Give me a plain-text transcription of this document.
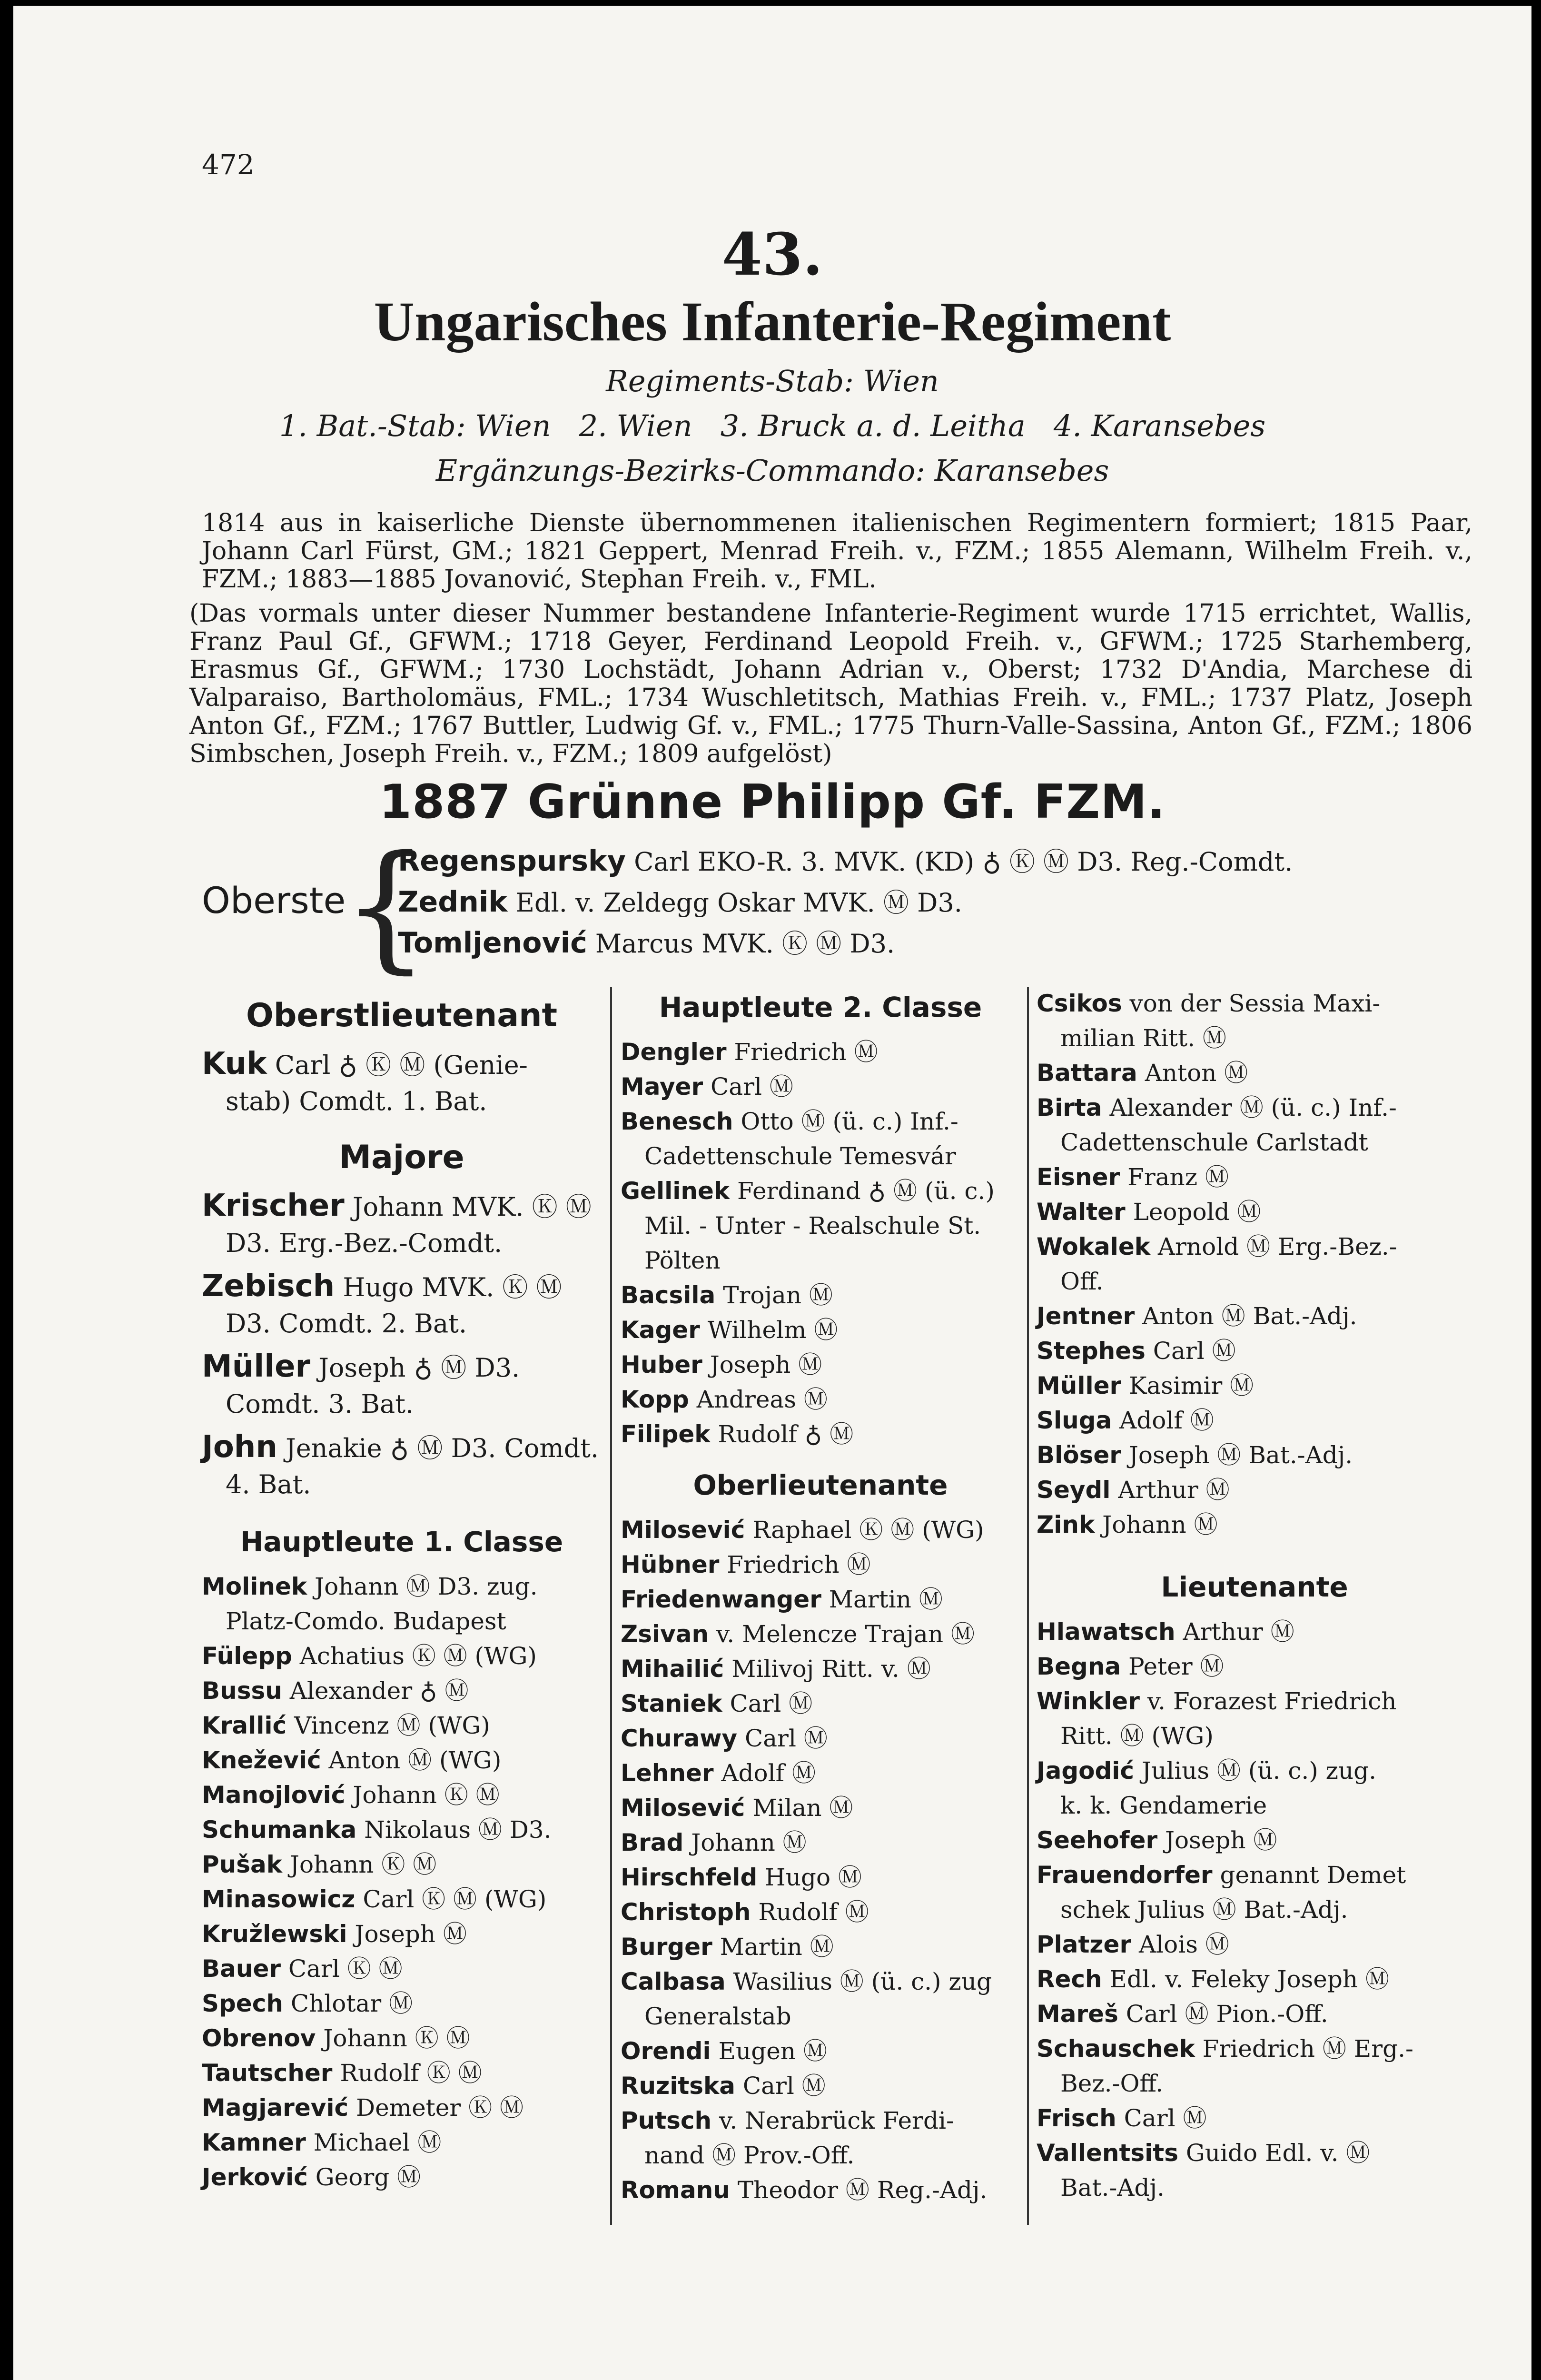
472
43.
Ungarisches Infanterie-Regiment
Regiments-Stab: Wien
1. Bat.-Stab: Wien   2. Wien   3. Bruck a. d. Leitha   4. Karansebes
Ergänzungs-Bezirks-Commando: Karansebes

1814 aus in kaiserliche Dienste übernommenen italienischen Regimentern formiert; 1815 Paar, Johann Carl Fürst, GM.; 1821 Geppert, Menrad Freih. v., FZM.; 1855 Alemann, Wilhelm Freih. v., FZM.; 1883—1885 Jovanović, Stephan Freih. v., FML.

(Das vormals unter dieser Nummer bestandene Infanterie-Regiment wurde 1715 errichtet, Wallis, Franz Paul Gf., GFWM.; 1718 Geyer, Ferdinand Leopold Freih. v., GFWM.; 1725 Starhemberg, Erasmus Gf., GFWM.; 1730 Lochstädt, Johann Adrian v., Oberst; 1732 D'Andia, Marchese di Valparaiso, Bartholomäus, FML.; 1734 Wuschletitsch, Mathias Freih. v., FML.; 1737 Platz, Joseph Anton Gf., FZM.; 1767 Buttler, Ludwig Gf. v., FML.; 1775 Thurn-Valle-Sassina, Anton Gf., FZM.; 1806 Simbschen, Joseph Freih. v., FZM.; 1809 aufgelöst)

1887 Grünne Philipp Gf. FZM.
Oberste
{
Regenspursky Carl EKO-R. 3. MVK. (KD) ♁ Ⓚ Ⓜ D3. Reg.-Comdt.
Zednik Edl. v. Zeldegg Oskar MVK. Ⓜ D3.
Tomljenović Marcus MVK. Ⓚ Ⓜ D3.
Oberstlieutenant
Kuk Carl ♁ Ⓚ Ⓜ (Genie-
stab) Comdt. 1. Bat.
Majore
Krischer Johann MVK. Ⓚ Ⓜ
D3. Erg.-Bez.-Comdt.
Zebisch Hugo MVK. Ⓚ Ⓜ
D3. Comdt. 2. Bat.
Müller Joseph ♁ Ⓜ D3.
Comdt. 3. Bat.
John Jenakie ♁ Ⓜ D3. Comdt.
4. Bat.
Hauptleute 1. Classe
Molinek Johann Ⓜ D3. zug.
Platz-Comdo. Budapest
Fülepp Achatius Ⓚ Ⓜ (WG)
Bussu Alexander ♁ Ⓜ
Krallić Vincenz Ⓜ (WG)
Knežević Anton Ⓜ (WG)
Manojlović Johann Ⓚ Ⓜ
Schumanka Nikolaus Ⓜ D3.
Pušak Johann Ⓚ Ⓜ
Minasowicz Carl Ⓚ Ⓜ (WG)
Kružlewski Joseph Ⓜ
Bauer Carl Ⓚ Ⓜ
Spech Chlotar Ⓜ
Obrenov Johann Ⓚ Ⓜ
Tautscher Rudolf Ⓚ Ⓜ
Magjarević Demeter Ⓚ Ⓜ
Kamner Michael Ⓜ
Jerković Georg Ⓜ
Hauptleute 2. Classe
Dengler Friedrich Ⓜ
Mayer Carl Ⓜ
Benesch Otto Ⓜ (ü. c.) Inf.-
Cadettenschule Temesvár
Gellinek Ferdinand ♁ Ⓜ (ü. c.)
Mil. - Unter - Realschule St.
Pölten
Bacsila Trojan Ⓜ
Kager Wilhelm Ⓜ
Huber Joseph Ⓜ
Kopp Andreas Ⓜ
Filipek Rudolf ♁ Ⓜ
Oberlieutenante
Milosević Raphael Ⓚ Ⓜ (WG)
Hübner Friedrich Ⓜ
Friedenwanger Martin Ⓜ
Zsivan v. Melencze Trajan Ⓜ
Mihailić Milivoj Ritt. v. Ⓜ
Staniek Carl Ⓜ
Churawy Carl Ⓜ
Lehner Adolf Ⓜ
Milosević Milan Ⓜ
Brad Johann Ⓜ
Hirschfeld Hugo Ⓜ
Christoph Rudolf Ⓜ
Burger Martin Ⓜ
Calbasa Wasilius Ⓜ (ü. c.) zug
Generalstab
Orendi Eugen Ⓜ
Ruzitska Carl Ⓜ
Putsch v. Nerabrück Ferdi-
nand Ⓜ Prov.-Off.
Romanu Theodor Ⓜ Reg.-Adj.
Csikos von der Sessia Maxi-
milian Ritt. Ⓜ
Battara Anton Ⓜ
Birta Alexander Ⓜ (ü. c.) Inf.-
Cadettenschule Carlstadt
Eisner Franz Ⓜ
Walter Leopold Ⓜ
Wokalek Arnold Ⓜ Erg.-Bez.-
Off.
Jentner Anton Ⓜ Bat.-Adj.
Stephes Carl Ⓜ
Müller Kasimir Ⓜ
Sluga Adolf Ⓜ
Blöser Joseph Ⓜ Bat.-Adj.
Seydl Arthur Ⓜ
Zink Johann Ⓜ
Lieutenante
Hlawatsch Arthur Ⓜ
Begna Peter Ⓜ
Winkler v. Forazest Friedrich
Ritt. Ⓜ (WG)
Jagodić Julius Ⓜ (ü. c.) zug.
k. k. Gendamerie
Seehofer Joseph Ⓜ
Frauendorfer genannt Demet
schek Julius Ⓜ Bat.-Adj.
Platzer Alois Ⓜ
Rech Edl. v. Feleky Joseph Ⓜ
Mareš Carl Ⓜ Pion.-Off.
Schauschek Friedrich Ⓜ Erg.-
Bez.-Off.
Frisch Carl Ⓜ
Vallentsits Guido Edl. v. Ⓜ
Bat.-Adj.
